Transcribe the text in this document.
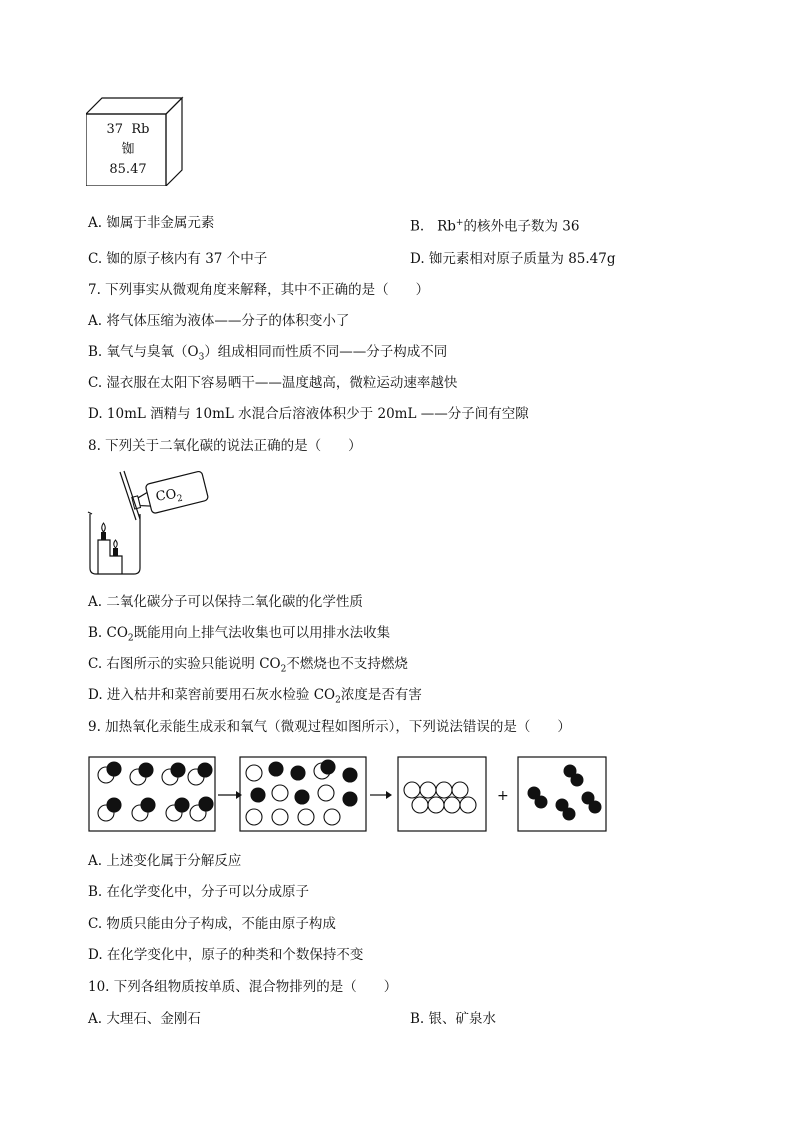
37 Rb
铷
85.47
A. 铷属于非金属元素	B. Rb+的核外电子数为 36
C. 铷的原子核内有 37 个中子	D. 铷元素相对原子质量为 85.47g
7. 下列事实从微观角度来解释，其中不正确的是（　　）
A. 将气体压缩为液体——分子的体积变小了
B. 氧气与臭氧$(O_3)$组成相同而性质不同——分子构成不同
C. 湿衣服在太阳下容易晒干——温度越高，微粒运动速率越快
D. 10mL 酒精与 10mL 水混合后溶液体积少于 20mL ——分子间有空隙
8. 下列关于二氧化碳的说法正确的是（　　）
$CO_2$
A. 二氧化碳分子可以保持二氧化碳的化学性质
B. $CO_2$既能用向上排气法收集也可以用排水法收集
C. 右图所示的实验只能说明 $CO_2$不燃烧也不支持燃烧
D. 进入枯井和菜窖前要用石灰水检验 $CO_2$浓度是否有害
9. 加热氧化汞能生成汞和氧气（微观过程如图所示），下列说法错误的是（　　）
+
A. 上述变化属于分解反应
B. 在化学变化中，分子可以分成原子
C. 物质只能由分子构成，不能由原子构成
D. 在化学变化中，原子的种类和个数保持不变
10. 下列各组物质按单质、混合物排列的是（　　）
A. 大理石、金刚石	B. 银、矿泉水
